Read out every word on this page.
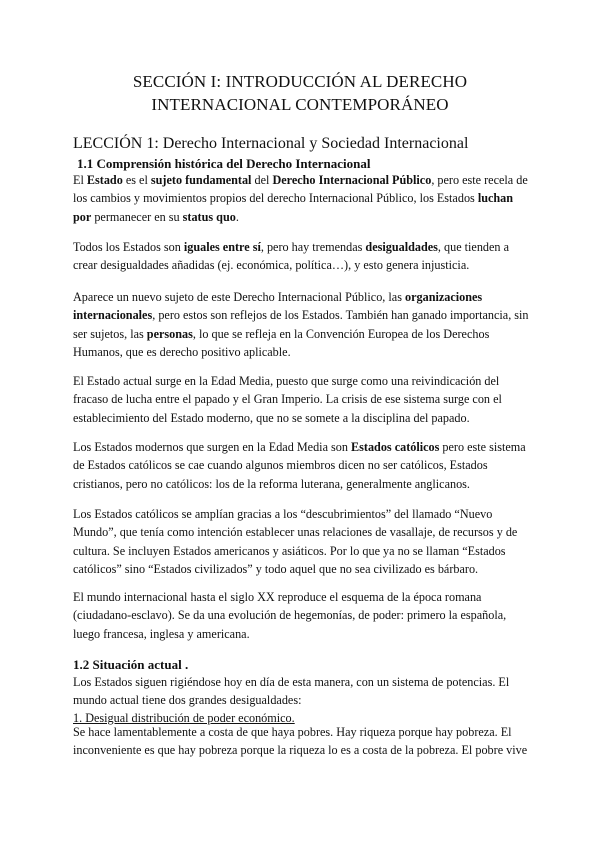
SECCIÓN I: INTRODUCCIÓN AL DERECHO
INTERNACIONAL CONTEMPORÁNEO
LECCIÓN 1: Derecho Internacional y Sociedad Internacional
1.1 Comprensión histórica del Derecho Internacional
El Estado es el sujeto fundamental del Derecho Internacional Público, pero este recela de
los cambios y movimientos propios del derecho Internacional Público, los Estados luchan
por permanecer en su status quo.
Todos los Estados son iguales entre sí, pero hay tremendas desigualdades, que tienden a
crear desigualdades añadidas (ej. económica, política…), y esto genera injusticia.
Aparece un nuevo sujeto de este Derecho Internacional Público, las organizaciones
internacionales, pero estos son reflejos de los Estados. También han ganado importancia, sin
ser sujetos, las personas, lo que se refleja en la Convención Europea de los Derechos
Humanos, que es derecho positivo aplicable.
El Estado actual surge en la Edad Media, puesto que surge como una reivindicación del
fracaso de lucha entre el papado y el Gran Imperio. La crisis de ese sistema surge con el
establecimiento del Estado moderno, que no se somete a la disciplina del papado.
Los Estados modernos que surgen en la Edad Media son Estados católicos pero este sistema
de Estados católicos se cae cuando algunos miembros dicen no ser católicos, Estados
cristianos, pero no católicos: los de la reforma luterana, generalmente anglicanos.
Los Estados católicos se amplían gracias a los “descubrimientos” del llamado “Nuevo
Mundo”, que tenía como intención establecer unas relaciones de vasallaje, de recursos y de
cultura. Se incluyen Estados americanos y asiáticos. Por lo que ya no se llaman “Estados
católicos” sino “Estados civilizados” y todo aquel que no sea civilizado es bárbaro.
El mundo internacional hasta el siglo XX reproduce el esquema de la época romana
(ciudadano-esclavo). Se da una evolución de hegemonías, de poder: primero la española,
luego francesa, inglesa y americana.
1.2 Situación actual .
Los Estados siguen rigiéndose hoy en día de esta manera, con un sistema de potencias. El
mundo actual tiene dos grandes desigualdades:
1. Desigual distribución de poder económico.
Se hace lamentablemente a costa de que haya pobres. Hay riqueza porque hay pobreza. El
inconveniente es que hay pobreza porque la riqueza lo es a costa de la pobreza. El pobre vive
